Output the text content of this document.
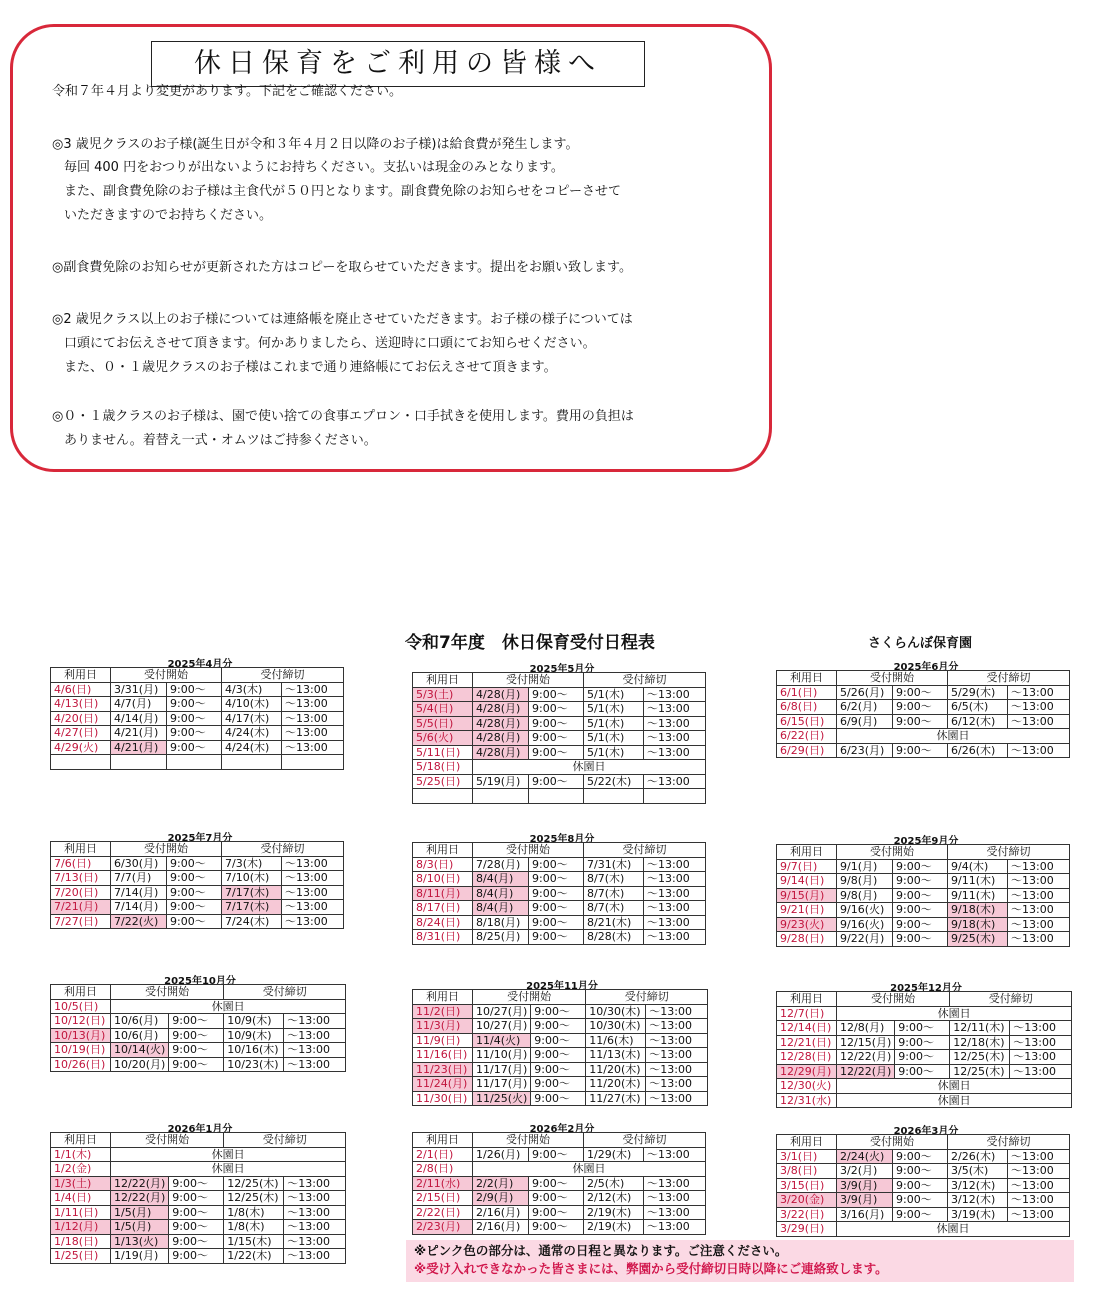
休日保育をご利用の皆様へ
令和７年４月より変更があります。下記をご確認ください。
◎3 歳児クラスのお子様(誕生日が令和３年４月２日以降のお子様)は給食費が発生します。
毎回 400 円をおつりが出ないようにお持ちください。支払いは現金のみとなります。
また、副食費免除のお子様は主食代が５０円となります。副食費免除のお知らせをコピーさせて
いただきますのでお持ちください。
◎副食費免除のお知らせが更新された方はコピーを取らせていただきます。提出をお願い致します。
◎2 歳児クラス以上のお子様については連絡帳を廃止させていただきます。お子様の様子については
口頭にてお伝えさせて頂きます。何かありましたら、送迎時に口頭にてお知らせください。
また、０・１歳児クラスのお子様はこれまで通り連絡帳にてお伝えさせて頂きます。
◎０・１歳クラスのお子様は、園で使い捨ての食事エプロン・口手拭きを使用します。費用の負担は
ありません。着替え一式・オムツはご持参ください。
令和7年度　休日保育受付日程表	さくらんぼ保育園
2025年4月分
利用日	受付開始		受付締切	
4/6(日)	3/31(月)	9:00〜	4/3(木)	〜13:00
4/13(日)	4/7(月)	9:00〜	4/10(木)	〜13:00
4/20(日)	4/14(月)	9:00〜	4/17(木)	〜13:00
4/27(日)	4/21(月)	9:00〜	4/24(木)	〜13:00
4/29(火)	4/21(月)	9:00〜	4/24(木)	〜13:00

2025年5月分
利用日	受付開始		受付締切	
5/3(土)	4/28(月)	9:00〜	5/1(木)	〜13:00
5/4(日)	4/28(月)	9:00〜	5/1(木)	〜13:00
5/5(日)	4/28(月)	9:00〜	5/1(木)	〜13:00
5/6(火)	4/28(月)	9:00〜	5/1(木)	〜13:00
5/11(日)	4/28(月)	9:00〜	5/1(木)	〜13:00
5/18(日)	休園日			
5/25(日)	5/19(月)	9:00〜	5/22(木)	〜13:00

2025年6月分
利用日	受付開始		受付締切	
6/1(日)	5/26(月)	9:00〜	5/29(木)	〜13:00
6/8(日)	6/2(月)	9:00〜	6/5(木)	〜13:00
6/15(日)	6/9(月)	9:00〜	6/12(木)	〜13:00
6/22(日)	休園日			
6/29(日)	6/23(月)	9:00〜	6/26(木)	〜13:00
2025年7月分
利用日	受付開始		受付締切	
7/6(日)	6/30(月)	9:00〜	7/3(木)	〜13:00
7/13(日)	7/7(月)	9:00〜	7/10(木)	〜13:00
7/20(日)	7/14(月)	9:00〜	7/17(木)	〜13:00
7/21(月)	7/14(月)	9:00〜	7/17(木)	〜13:00
7/27(日)	7/22(火)	9:00〜	7/24(木)	〜13:00
2025年8月分
利用日	受付開始		受付締切	
8/3(日)	7/28(月)	9:00〜	7/31(木)	〜13:00
8/10(日)	8/4(月)	9:00〜	8/7(木)	〜13:00
8/11(月)	8/4(月)	9:00〜	8/7(木)	〜13:00
8/17(日)	8/4(月)	9:00〜	8/7(木)	〜13:00
8/24(日)	8/18(月)	9:00〜	8/21(木)	〜13:00
8/31(日)	8/25(月)	9:00〜	8/28(木)	〜13:00
2025年9月分
利用日	受付開始		受付締切	
9/7(日)	9/1(月)	9:00〜	9/4(木)	〜13:00
9/14(日)	9/8(月)	9:00〜	9/11(木)	〜13:00
9/15(月)	9/8(月)	9:00〜	9/11(木)	〜13:00
9/21(日)	9/16(火)	9:00〜	9/18(木)	〜13:00
9/23(火)	9/16(火)	9:00〜	9/18(木)	〜13:00
9/28(日)	9/22(月)	9:00〜	9/25(木)	〜13:00
2025年10月分
利用日	受付開始		受付締切	
10/5(日)	休園日			
10/12(日)	10/6(月)	9:00〜	10/9(木)	〜13:00
10/13(月)	10/6(月)	9:00〜	10/9(木)	〜13:00
10/19(日)	10/14(火)	9:00〜	10/16(木)	〜13:00
10/26(日)	10/20(月)	9:00〜	10/23(木)	〜13:00
2025年11月分
利用日	受付開始		受付締切	
11/2(日)	10/27(月)	9:00〜	10/30(木)	〜13:00
11/3(月)	10/27(月)	9:00〜	10/30(木)	〜13:00
11/9(日)	11/4(火)	9:00〜	11/6(木)	〜13:00
11/16(日)	11/10(月)	9:00〜	11/13(木)	〜13:00
11/23(日)	11/17(月)	9:00〜	11/20(木)	〜13:00
11/24(月)	11/17(月)	9:00〜	11/20(木)	〜13:00
11/30(日)	11/25(火)	9:00〜	11/27(木)	〜13:00
2025年12月分
利用日	受付開始		受付締切	
12/7(日)	休園日			
12/14(日)	12/8(月)	9:00〜	12/11(木)	〜13:00
12/21(日)	12/15(月)	9:00〜	12/18(木)	〜13:00
12/28(日)	12/22(月)	9:00〜	12/25(木)	〜13:00
12/29(月)	12/22(月)	9:00〜	12/25(木)	〜13:00
12/30(火)	休園日			
12/31(水)	休園日			
2026年1月分
利用日	受付開始		受付締切	
1/1(木)	休園日			
1/2(金)	休園日			
1/3(土)	12/22(月)	9:00〜	12/25(木)	〜13:00
1/4(日)	12/22(月)	9:00〜	12/25(木)	〜13:00
1/11(日)	1/5(月)	9:00〜	1/8(木)	〜13:00
1/12(月)	1/5(月)	9:00〜	1/8(木)	〜13:00
1/18(日)	1/13(火)	9:00〜	1/15(木)	〜13:00
1/25(日)	1/19(月)	9:00〜	1/22(木)	〜13:00
2026年2月分
利用日	受付開始		受付締切	
2/1(日)	1/26(月)	9:00〜	1/29(木)	〜13:00
2/8(日)	休園日			
2/11(水)	2/2(月)	9:00〜	2/5(木)	〜13:00
2/15(日)	2/9(月)	9:00〜	2/12(木)	〜13:00
2/22(日)	2/16(月)	9:00〜	2/19(木)	〜13:00
2/23(月)	2/16(月)	9:00〜	2/19(木)	〜13:00
2026年3月分
利用日	受付開始		受付締切	
3/1(日)	2/24(火)	9:00〜	2/26(木)	〜13:00
3/8(日)	3/2(月)	9:00〜	3/5(木)	〜13:00
3/15(日)	3/9(月)	9:00〜	3/12(木)	〜13:00
3/20(金)	3/9(月)	9:00〜	3/12(木)	〜13:00
3/22(日)	3/16(月)	9:00〜	3/19(木)	〜13:00
3/29(日)	休園日			
※ピンク色の部分は、通常の日程と異なります。ご注意ください。
※受け入れできなかった皆さまには、弊園から受付締切日時以降にご連絡致します。
